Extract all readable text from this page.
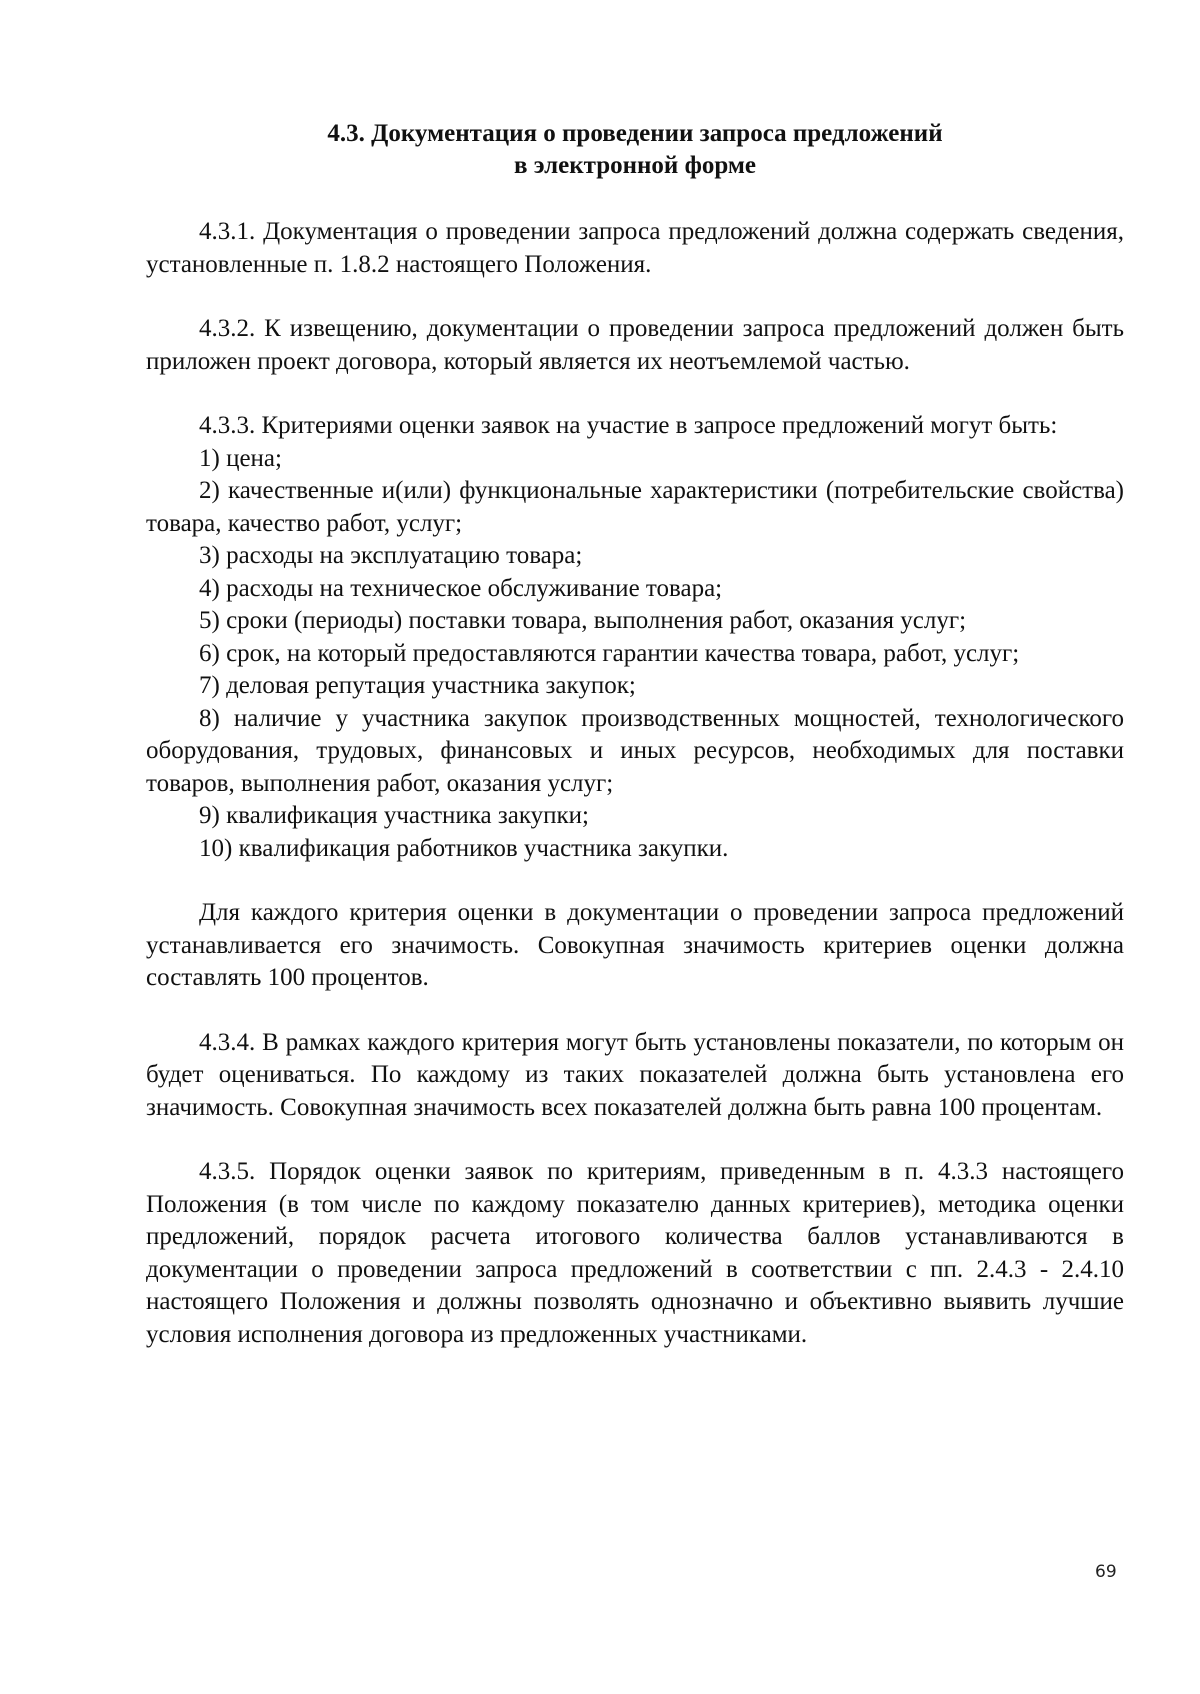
4.3. Документация о проведении запроса предложений
в электронной форме

4.3.1. Документация о проведении запроса предложений должна содержать сведения, установленные п. 1.8.2 настоящего Положения.

4.3.2. К извещению, документации о проведении запроса предложений должен быть приложен проект договора, который является их неотъемлемой частью.

4.3.3. Критериями оценки заявок на участие в запросе предложений могут быть:

1) цена;

2) качественные и(или) функциональные характеристики (потребительские свойства) товара, качество работ, услуг;

3) расходы на эксплуатацию товара;

4) расходы на техническое обслуживание товара;

5) сроки (периоды) поставки товара, выполнения работ, оказания услуг;

6) срок, на который предоставляются гарантии качества товара, работ, услуг;

7) деловая репутация участника закупок;

8) наличие у участника закупок производственных мощностей, технологического оборудования, трудовых, финансовых и иных ресурсов, необходимых для поставки товаров, выполнения работ, оказания услуг;

9) квалификация участника закупки;

10) квалификация работников участника закупки.

Для каждого критерия оценки в документации о проведении запроса предложений устанавливается его значимость. Совокупная значимость критериев оценки должна составлять 100 процентов.

4.3.4. В рамках каждого критерия могут быть установлены показатели, по которым он будет оцениваться. По каждому из таких показателей должна быть установлена его значимость. Совокупная значимость всех показателей должна быть равна 100 процентам.

4.3.5. Порядок оценки заявок по критериям, приведенным в п. 4.3.3 настоящего Положения (в том числе по каждому показателю данных критериев), методика оценки предложений, порядок расчета итогового количества баллов устанавливаются в документации о проведении запроса предложений в соответствии с пп. 2.4.3 - 2.4.10 настоящего Положения и должны позволять однозначно и объективно выявить лучшие условия исполнения договора из предложенных участниками.

69
